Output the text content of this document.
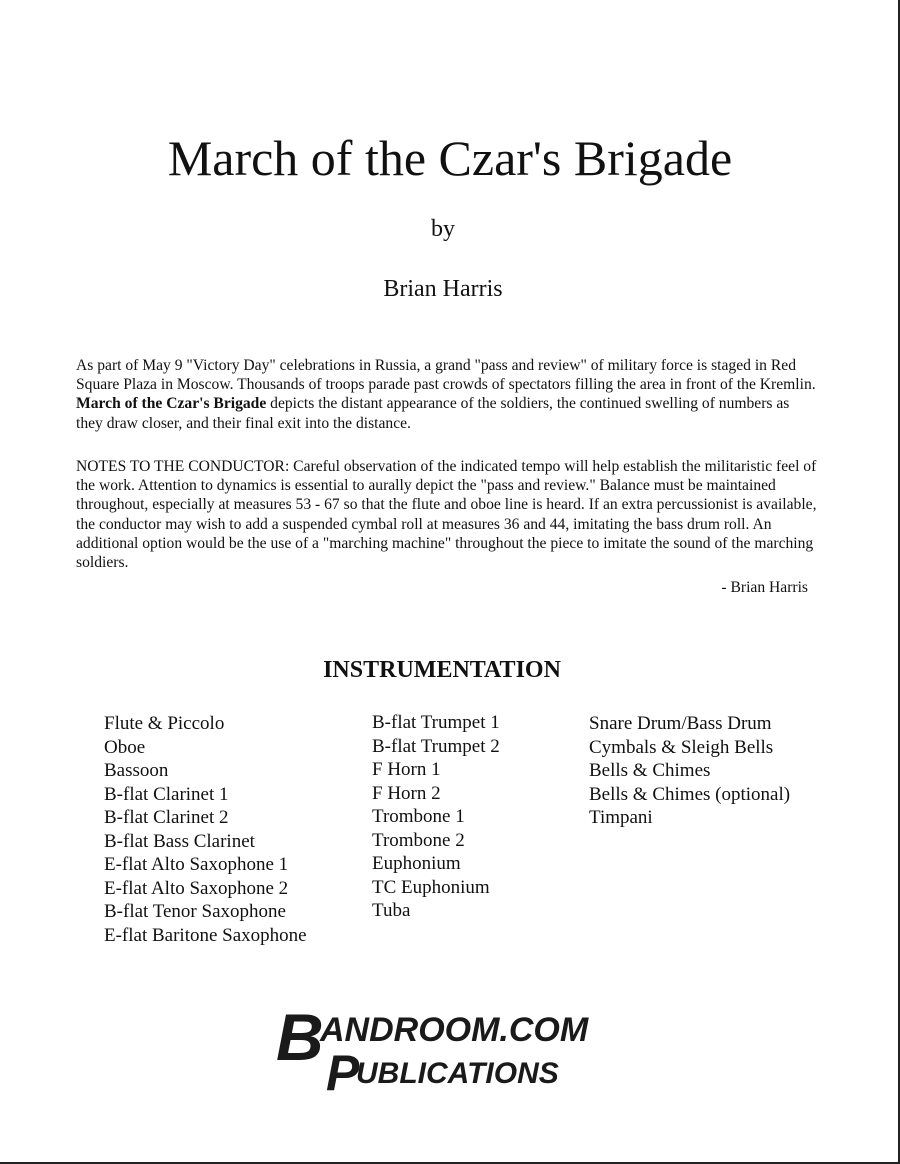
March of the Czar's Brigade
by
Brian Harris

As part of May 9 "Victory Day" celebrations in Russia, a grand "pass and review" of military force is staged in Red Square Plaza in Moscow. Thousands of troops parade past crowds of spectators filling the area in front of the Kremlin. March of the Czar's Brigade depicts the distant appearance of the soldiers, the continued swelling of numbers as they draw closer, and their final exit into the distance.

NOTES TO THE CONDUCTOR: Careful observation of the indicated tempo will help establish the militaristic feel of the work. Attention to dynamics is essential to aurally depict the "pass and review." Balance must be maintained throughout, especially at measures 53 - 67 so that the flute and oboe line is heard. If an extra percussionist is available, the conductor may wish to add a suspended cymbal roll at measures 36 and 44, imitating the bass drum roll. An additional option would be the use of a "marching machine" throughout the piece to imitate the sound of the marching soldiers.

- Brian Harris
INSTRUMENTATION
Flute & Piccolo
Oboe
Bassoon
B-flat Clarinet 1
B-flat Clarinet 2
B-flat Bass Clarinet
E-flat Alto Saxophone 1
E-flat Alto Saxophone 2
B-flat Tenor Saxophone
E-flat Baritone Saxophone
B-flat Trumpet 1
B-flat Trumpet 2
F Horn 1
F Horn 2
Trombone 1
Trombone 2
Euphonium
TC Euphonium
Tuba
Snare Drum/Bass Drum
Cymbals & Sleigh Bells
Bells & Chimes
Bells & Chimes (optional)
Timpani
B
ANDROOM.COM
P
UBLICATIONS
